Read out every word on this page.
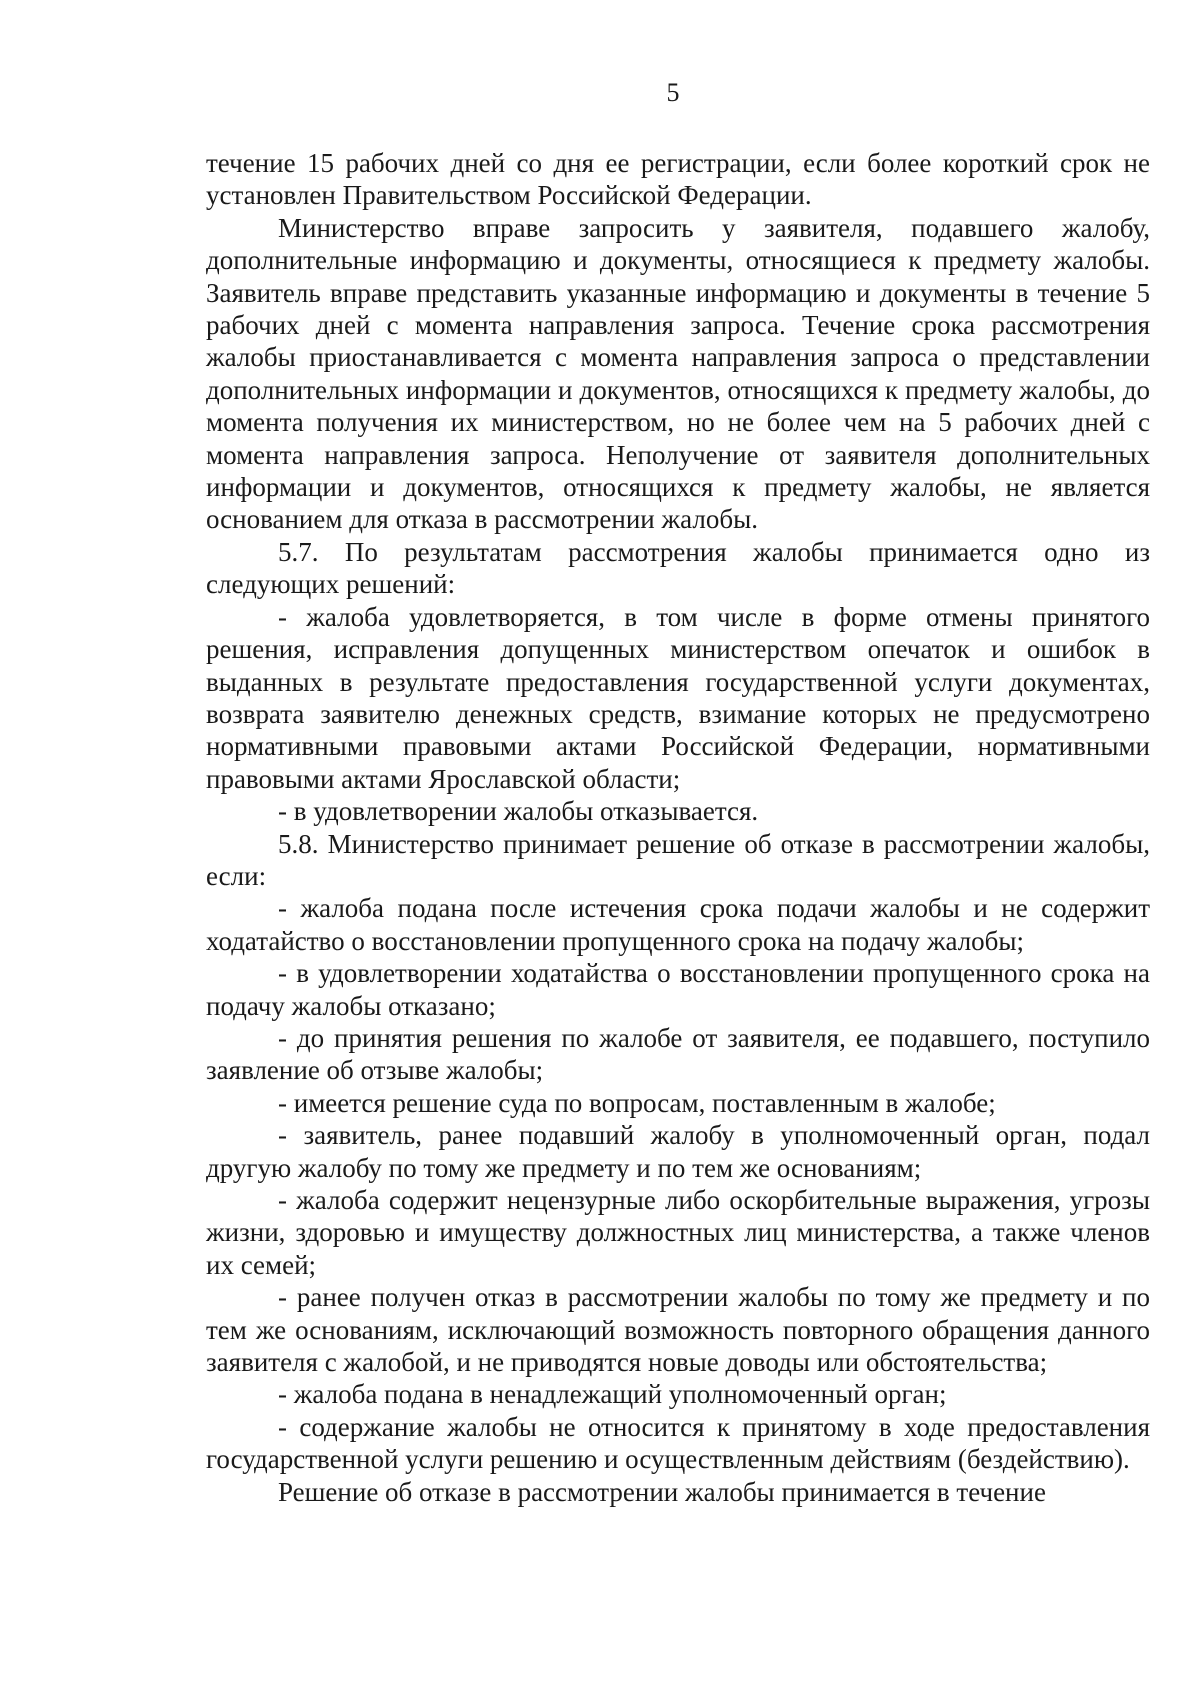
5

течение 15 рабочих дней со дня ее регистрации, если более короткий срок не установлен Правительством Российской Федерации.

Министерство вправе запросить у заявителя, подавшего жалобу, дополнительные информацию и документы, относящиеся к предмету жалобы. Заявитель вправе представить указанные информацию и документы в течение 5 рабочих дней с момента направления запроса. Течение срока рассмотрения жалобы приостанавливается с момента направления запроса о представлении дополнительных информации и документов, относящихся к предмету жалобы, до момента получения их министерством, но не более чем на 5 рабочих дней с момента направления запроса. Неполучение от заявителя дополнительных информации и документов, относящихся к предмету жалобы, не является основанием для отказа в рассмотрении жалобы.

5.7. По результатам рассмотрения жалобы принимается одно из следующих решений:

- жалоба удовлетворяется, в том числе в форме отмены принятого решения, исправления допущенных министерством опечаток и ошибок в выданных в результате предоставления государственной услуги документах, возврата заявителю денежных средств, взимание которых не предусмотрено нормативными правовыми актами Российской Федерации, нормативными правовыми актами Ярославской области;

- в удовлетворении жалобы отказывается.

5.8. Министерство принимает решение об отказе в рассмотрении жалобы, если:

- жалоба подана после истечения срока подачи жалобы и не содержит ходатайство о восстановлении пропущенного срока на подачу жалобы;

- в удовлетворении ходатайства о восстановлении пропущенного срока на подачу жалобы отказано;

- до принятия решения по жалобе от заявителя, ее подавшего, поступило заявление об отзыве жалобы;

- имеется решение суда по вопросам, поставленным в жалобе;

- заявитель, ранее подавший жалобу в уполномоченный орган, подал другую жалобу по тому же предмету и по тем же основаниям;

- жалоба содержит нецензурные либо оскорбительные выражения, угрозы жизни, здоровью и имуществу должностных лиц министерства, а также членов их семей;

- ранее получен отказ в рассмотрении жалобы по тому же предмету и по тем же основаниям, исключающий возможность повторного обращения данного заявителя с жалобой, и не приводятся новые доводы или обстоятельства;

- жалоба подана в ненадлежащий уполномоченный орган;

- содержание жалобы не относится к принятому в ходе предоставления государственной услуги решению и осуществленным действиям (бездействию).

Решение об отказе в рассмотрении жалобы принимается в течение
